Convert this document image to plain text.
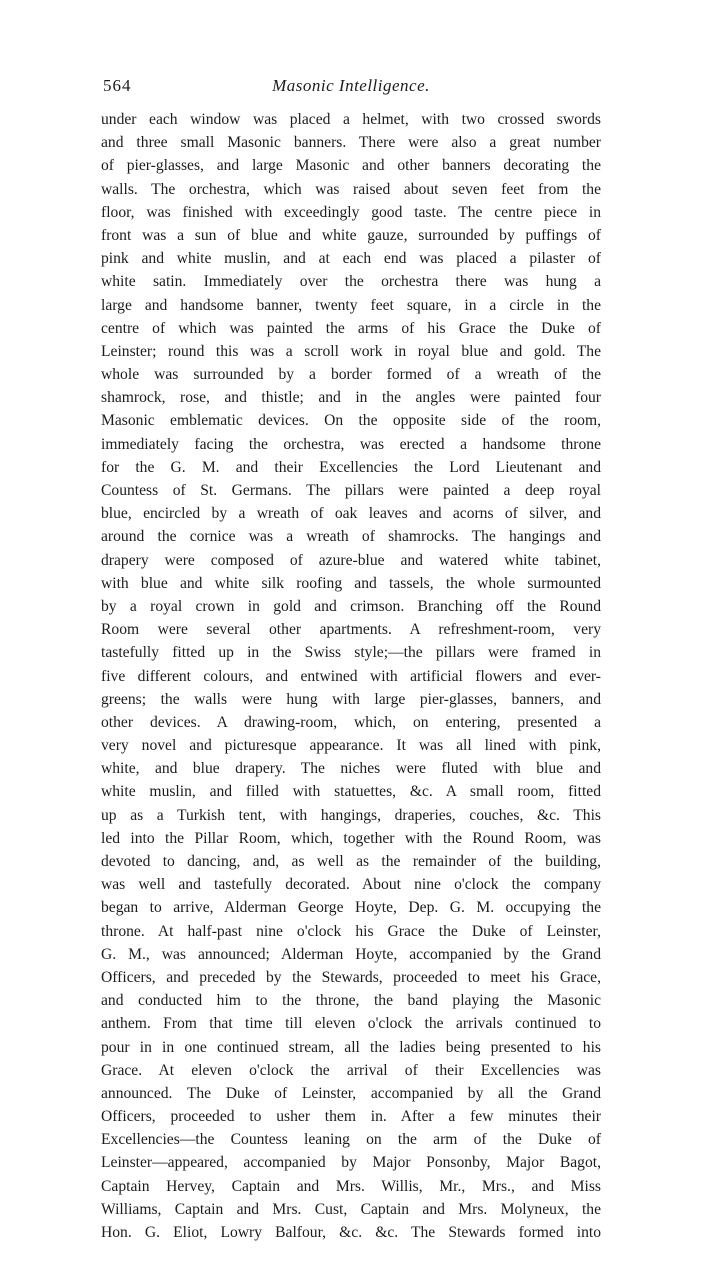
564	Masonic Intelligence.
under each window was placed a helmet, with two crossed swords
and three small Masonic banners. There were also a great number
of pier-glasses, and large Masonic and other banners decorating the
walls. The orchestra, which was raised about seven feet from the
floor, was finished with exceedingly good taste. The centre piece in
front was a sun of blue and white gauze, surrounded by puffings of
pink and white muslin, and at each end was placed a pilaster of
white satin. Immediately over the orchestra there was hung a
large and handsome banner, twenty feet square, in a circle in the
centre of which was painted the arms of his Grace the Duke of
Leinster; round this was a scroll work in royal blue and gold. The
whole was surrounded by a border formed of a wreath of the
shamrock, rose, and thistle; and in the angles were painted four
Masonic emblematic devices. On the opposite side of the room,
immediately facing the orchestra, was erected a handsome throne
for the G. M. and their Excellencies the Lord Lieutenant and
Countess of St. Germans. The pillars were painted a deep royal
blue, encircled by a wreath of oak leaves and acorns of silver, and
around the cornice was a wreath of shamrocks. The hangings and
drapery were composed of azure-blue and watered white tabinet,
with blue and white silk roofing and tassels, the whole surmounted
by a royal crown in gold and crimson. Branching off the Round
Room were several other apartments. A refreshment-room, very
tastefully fitted up in the Swiss style;—the pillars were framed in
five different colours, and entwined with artificial flowers and ever-
greens; the walls were hung with large pier-glasses, banners, and
other devices. A drawing-room, which, on entering, presented a
very novel and picturesque appearance. It was all lined with pink,
white, and blue drapery. The niches were fluted with blue and
white muslin, and filled with statuettes, &c. A small room, fitted
up as a Turkish tent, with hangings, draperies, couches, &c. This
led into the Pillar Room, which, together with the Round Room, was
devoted to dancing, and, as well as the remainder of the building,
was well and tastefully decorated. About nine o'clock the company
began to arrive, Alderman George Hoyte, Dep. G. M. occupying the
throne. At half-past nine o'clock his Grace the Duke of Leinster,
G. M., was announced; Alderman Hoyte, accompanied by the Grand
Officers, and preceded by the Stewards, proceeded to meet his Grace,
and conducted him to the throne, the band playing the Masonic
anthem. From that time till eleven o'clock the arrivals continued to
pour in in one continued stream, all the ladies being presented to his
Grace. At eleven o'clock the arrival of their Excellencies was
announced. The Duke of Leinster, accompanied by all the Grand
Officers, proceeded to usher them in. After a few minutes their
Excellencies—the Countess leaning on the arm of the Duke of
Leinster—appeared, accompanied by Major Ponsonby, Major Bagot,
Captain Hervey, Captain and Mrs. Willis, Mr., Mrs., and Miss
Williams, Captain and Mrs. Cust, Captain and Mrs. Molyneux, the
Hon. G. Eliot, Lowry Balfour, &c. &c. The Stewards formed into
